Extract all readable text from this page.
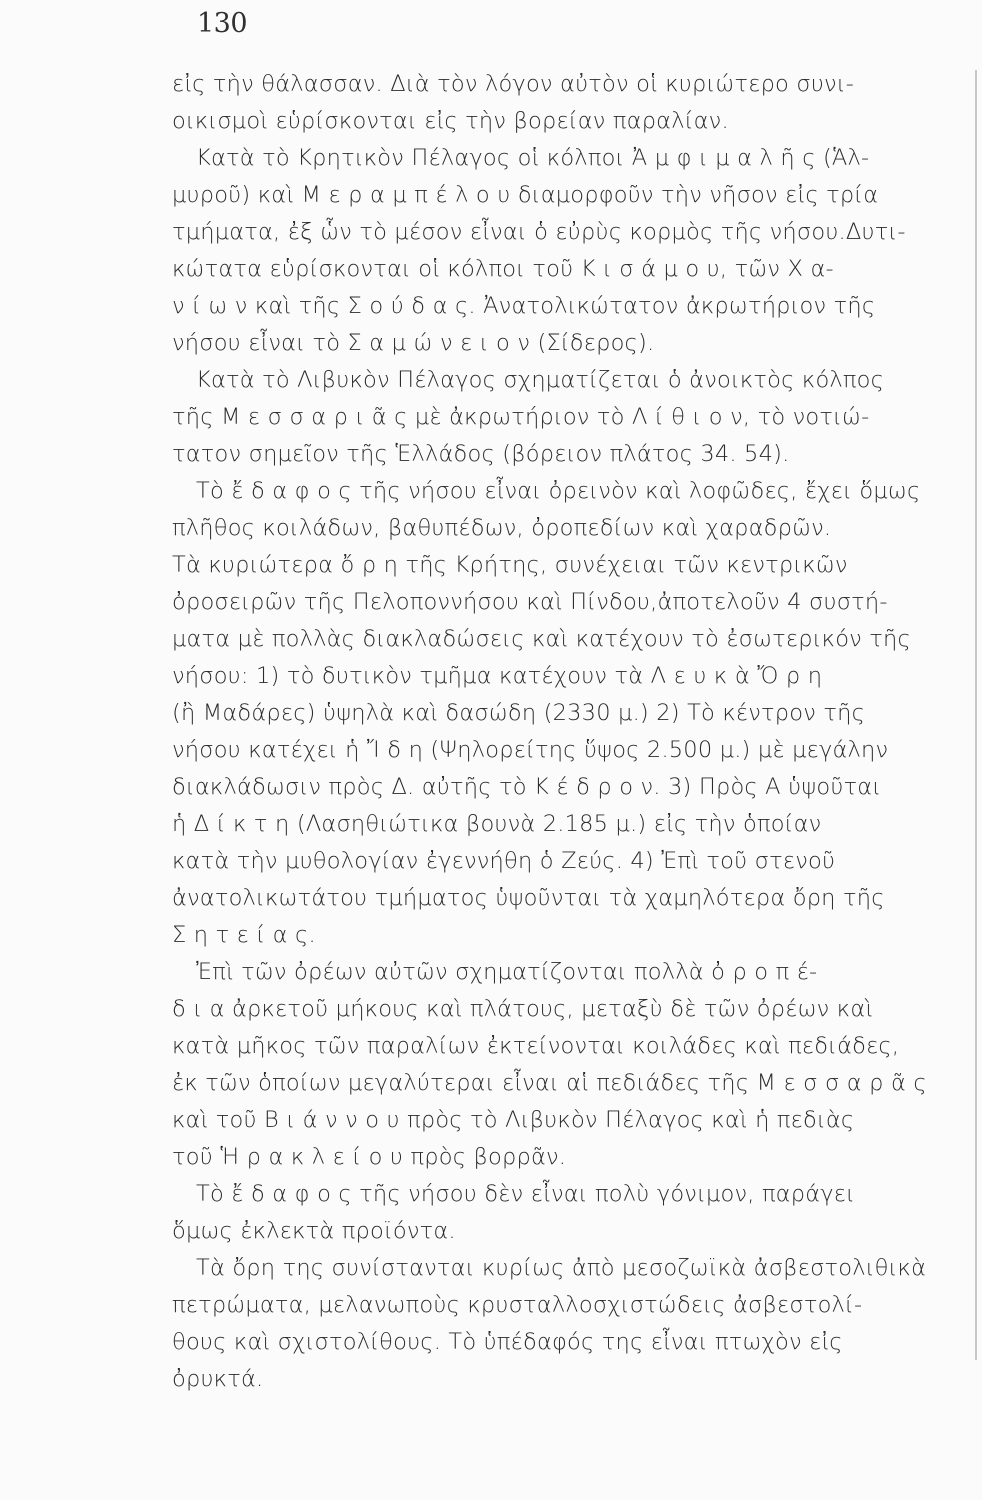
130
εἰς τὴν θάλασσαν. Διὰ τὸν λόγον αὐτὸν οἱ κυριώτερο συνι-
οικισμοὶ εὑρίσκονται εἰς τὴν βορείαν παραλίαν.
Κατὰ τὸ Κρητικὸν Πέλαγος οἱ κόλποι Ἀ μ φ ι μ α λ ῆ ς (Ἁλ-
μυροῦ) καὶ Μ ε ρ α μ π έ λ ο υ διαμορφοῦν τὴν νῆσον εἰς τρία
τμήματα, ἐξ ὧν τὸ μέσον εἶναι ὁ εὐρὺς κορμὸς τῆς νήσου.Δυτι-
κώτατα εὑρίσκονται οἱ κόλποι τοῦ Κ ι σ ά μ ο υ, τῶν Χ α-
ν ί ω ν καὶ τῆς Σ ο ύ δ α ς. Ἀνατολικώτατον ἀκρωτήριον τῆς
νήσου εἶναι τὸ Σ α μ ώ ν ε ι ο ν (Σίδερος).
Κατὰ τὸ Λιβυκὸν Πέλαγος σχηματίζεται ὁ ἀνοικτὸς κόλπος
τῆς Μ ε σ σ α ρ ι ᾶ ς μὲ ἀκρωτήριον τὸ Λ ί θ ι ο ν, τὸ νοτιώ-
τατον σημεῖον τῆς Ἑλλάδος (βόρειον πλάτος 34. 54).
Τὸ ἔ δ α φ ο ς τῆς νήσου εἶναι ὀρεινὸν καὶ λοφῶδες, ἔχει ὅμως
πλῆθος κοιλάδων, βαθυπέδων, ὀροπεδίων καὶ χαραδρῶν.
Τὰ κυριώτερα ὄ ρ η τῆς Κρήτης, συνέχειαι τῶν κεντρικῶν
ὀροσειρῶν τῆς Πελοποννήσου καὶ Πίνδου,ἀποτελοῦν 4 συστή-
ματα μὲ πολλὰς διακλαδώσεις καὶ κατέχουν τὸ ἐσωτερικόν τῆς
νήσου: 1) τὸ δυτικὸν τμῆμα κατέχουν τὰ Λ ε υ κ ὰ Ὄ ρ η
(ἢ Μαδάρες) ὑψηλὰ καὶ δασώδη (2330 μ.) 2) Τὸ κέντρον τῆς
νήσου κατέχει ἡ Ἴ δ η (Ψηλορείτης ὕψος 2.500 μ.) μὲ μεγάλην
διακλάδωσιν πρὸς Δ. αὐτῆς τὸ Κ έ δ ρ ο ν. 3) Πρὸς Α ὑψοῦται
ἡ Δ ί κ τ η (Λασηθιώτικα βουνὰ 2.185 μ.) εἰς τὴν ὁποίαν
κατὰ τὴν μυθολογίαν ἐγεννήθη ὁ Ζεύς. 4) Ἐπὶ τοῦ στενοῦ
ἀνατολικωτάτου τμήματος ὑψοῦνται τὰ χαμηλότερα ὄρη τῆς
Σ η τ ε ί α ς.
Ἐπὶ τῶν ὀρέων αὐτῶν σχηματίζονται πολλὰ ὀ ρ ο π έ-
δ ι α ἀρκετοῦ μήκους καὶ πλάτους, μεταξὺ δὲ τῶν ὀρέων καὶ
κατὰ μῆκος τῶν παραλίων ἐκτείνονται κοιλάδες καὶ πεδιάδες,
ἐκ τῶν ὁποίων μεγαλύτεραι εἶναι αἱ πεδιάδες τῆς Μ ε σ σ α ρ ᾶ ς
καὶ τοῦ Β ι ά ν ν ο υ πρὸς τὸ Λιβυκὸν Πέλαγος καὶ ἡ πεδιὰς
τοῦ Ἡ ρ α κ λ ε ί ο υ πρὸς βορρᾶν.
Τὸ ἔ δ α φ ο ς τῆς νήσου δὲν εἶναι πολὺ γόνιμον, παράγει
ὅμως ἐκλεκτὰ προϊόντα.
Τὰ ὄρη της συνίστανται κυρίως ἀπὸ μεσοζωϊκὰ ἀσβεστολιθικὰ
πετρώματα, μελανωποὺς κρυσταλλοσχιστώδεις ἀσβεστολί-
θους καὶ σχιστολίθους. Τὸ ὑπέδαφός της εἶναι πτωχὸν εἰς
ὀρυκτά.
